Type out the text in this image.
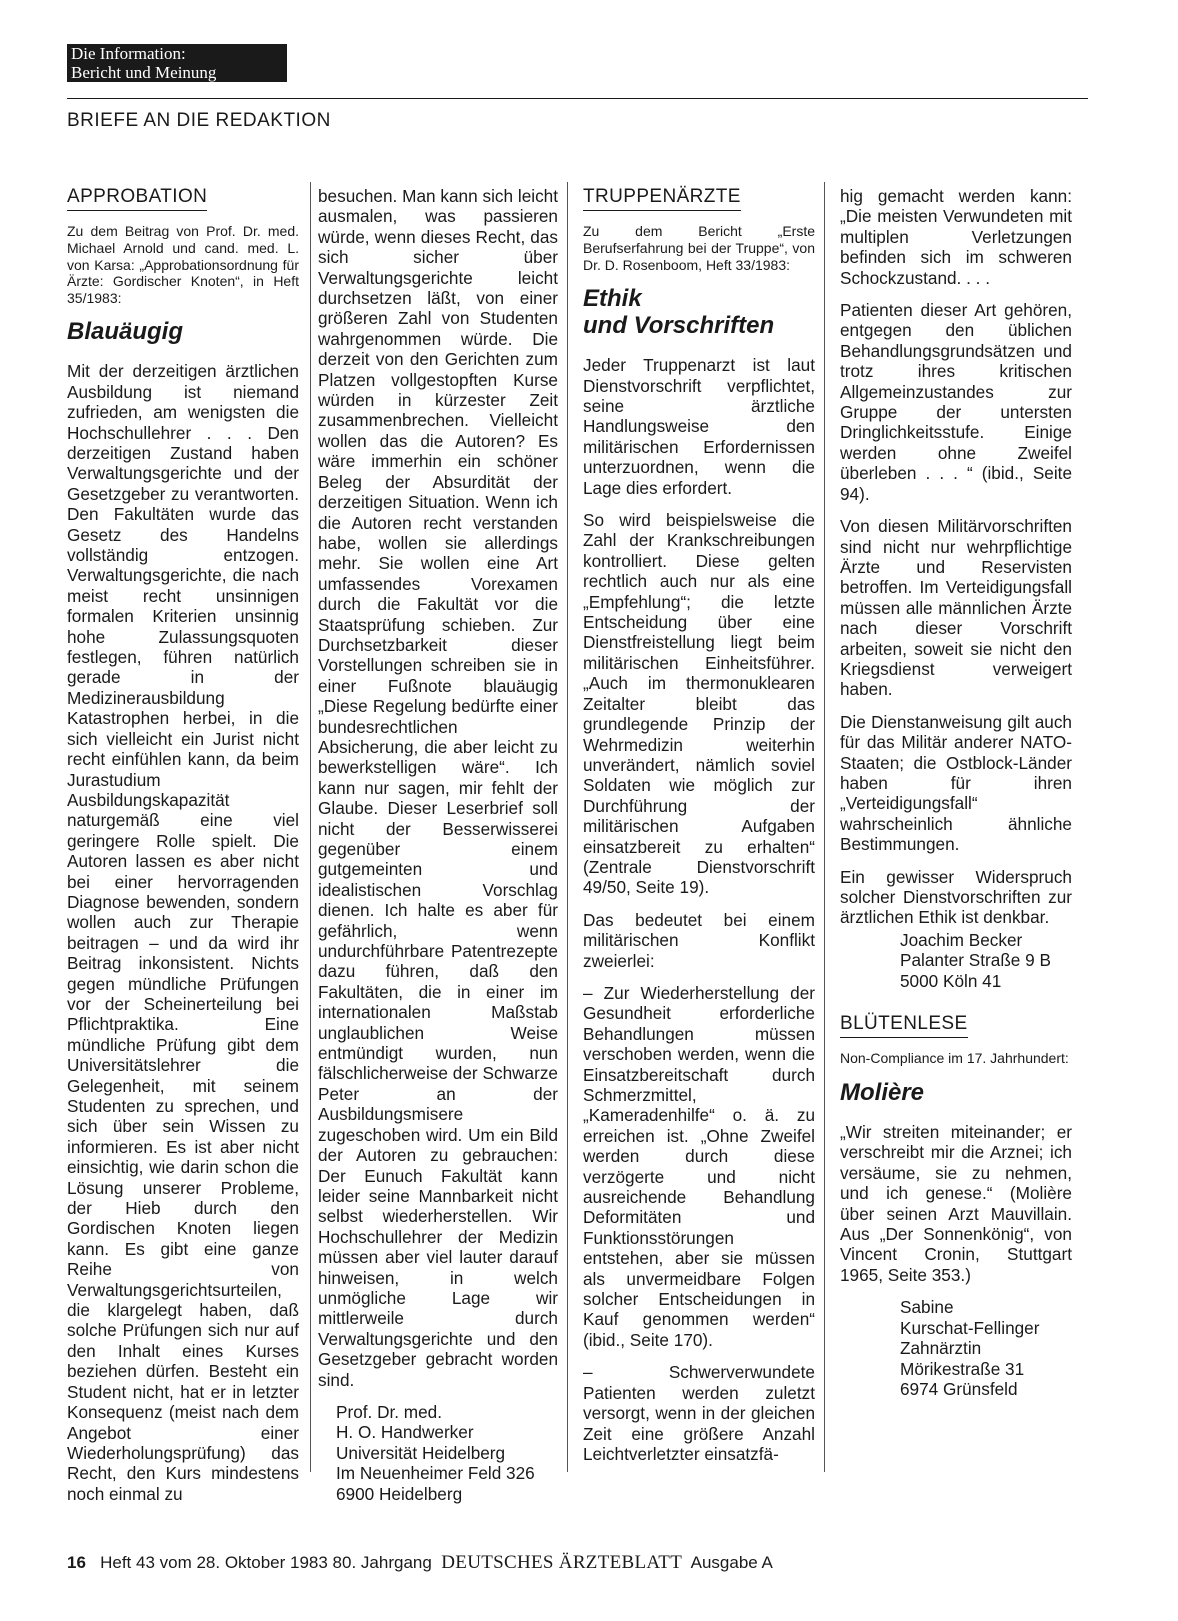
Die Information:
Bericht und Meinung
BRIEFE AN DIE REDAKTION
APPROBATION

Zu dem Beitrag von Prof. Dr. med. Michael Arnold und cand. med. L. von Karsa: „Approbationsordnung für Ärzte: Gordischer Knoten“, in Heft 35/1983:

Blauäugig

Mit der derzeitigen ärztlichen Ausbildung ist niemand zufrieden, am wenigsten die Hochschullehrer . . . Den derzeitigen Zustand haben Verwaltungsgerichte und der Gesetzgeber zu verantworten. Den Fakultäten wurde das Gesetz des Handelns vollständig entzogen. Verwaltungsgerichte, die nach meist recht unsinnigen formalen Kriterien unsinnig hohe Zulassungsquoten festlegen, führen natürlich gerade in der Medizinerausbildung Katastrophen herbei, in die sich vielleicht ein Jurist nicht recht einfühlen kann, da beim Jurastudium Ausbildungskapazität naturgemäß eine viel geringere Rolle spielt. Die Autoren lassen es aber nicht bei einer hervorragenden Diagnose bewenden, sondern wollen auch zur Therapie beitragen – und da wird ihr Beitrag inkonsistent. Nichts gegen mündliche Prüfungen vor der Scheinerteilung bei Pflichtpraktika. Eine mündliche Prüfung gibt dem Universitätslehrer die Gelegenheit, mit seinem Studenten zu sprechen, und sich über sein Wissen zu informieren. Es ist aber nicht einsichtig, wie darin schon die Lösung unserer Probleme, der Hieb durch den Gordischen Knoten liegen kann. Es gibt eine ganze Reihe von Verwaltungsgerichtsurteilen, die klargelegt haben, daß solche Prüfungen sich nur auf den Inhalt eines Kurses beziehen dürfen. Besteht ein Student nicht, hat er in letzter Konsequenz (meist nach dem Angebot einer Wiederholungsprüfung) das Recht, den Kurs mindestens noch einmal zu

besuchen. Man kann sich leicht ausmalen, was passieren würde, wenn dieses Recht, das sich sicher über Verwaltungsgerichte leicht durchsetzen läßt, von einer größeren Zahl von Studenten wahrgenommen würde. Die derzeit von den Gerichten zum Platzen vollgestopften Kurse würden in kürzester Zeit zusammenbrechen. Vielleicht wollen das die Autoren? Es wäre immerhin ein schöner Beleg der Absurdität der derzeitigen Situation. Wenn ich die Autoren recht verstanden habe, wollen sie allerdings mehr. Sie wollen eine Art umfassendes Vorexamen durch die Fakultät vor die Staatsprüfung schieben. Zur Durchsetzbarkeit dieser Vorstellungen schreiben sie in einer Fußnote blauäugig „Diese Regelung bedürfte einer bundesrechtlichen Absicherung, die aber leicht zu bewerkstelligen wäre“. Ich kann nur sagen, mir fehlt der Glaube. Dieser Leserbrief soll nicht der Besserwisserei gegenüber einem gutgemeinten und idealistischen Vorschlag dienen. Ich halte es aber für gefährlich, wenn undurchführbare Patentrezepte dazu führen, daß den Fakultäten, die in einer im internationalen Maßstab unglaublichen Weise entmündigt wurden, nun fälschlicherweise der Schwarze Peter an der Ausbildungsmisere zugeschoben wird. Um ein Bild der Autoren zu gebrauchen: Der Eunuch Fakultät kann leider seine Mannbarkeit nicht selbst wiederherstellen. Wir Hochschullehrer der Medizin müssen aber viel lauter darauf hinweisen, in welch unmögliche Lage wir mittlerweile durch Verwaltungsgerichte und den Gesetzgeber gebracht worden sind.

Prof. Dr. med.
H. O. Handwerker
Universität Heidelberg
Im Neuenheimer Feld 326
6900 Heidelberg
TRUPPENÄRZTE

Zu dem Bericht „Erste Berufserfahrung bei der Truppe“, von Dr. D. Rosenboom, Heft 33/1983:

Ethik
und Vorschriften

Jeder Truppenarzt ist laut Dienstvorschrift verpflichtet, seine ärztliche Handlungsweise den militärischen Erfordernissen unterzuordnen, wenn die Lage dies erfordert.

So wird beispielsweise die Zahl der Krankschreibungen kontrolliert. Diese gelten rechtlich auch nur als eine „Empfehlung“; die letzte Entscheidung über eine Dienstfreistellung liegt beim militärischen Einheitsführer. „Auch im thermonuklearen Zeitalter bleibt das grundlegende Prinzip der Wehrmedizin weiterhin unverändert, nämlich soviel Soldaten wie möglich zur Durchführung der militärischen Aufgaben einsatzbereit zu erhalten“ (Zentrale Dienstvorschrift 49/50, Seite 19).

Das bedeutet bei einem militärischen Konflikt zweierlei:

– Zur Wiederherstellung der Gesundheit erforderliche Behandlungen müssen verschoben werden, wenn die Einsatzbereitschaft durch Schmerzmittel, „Kameradenhilfe“ o. ä. zu erreichen ist. „Ohne Zweifel werden durch diese verzögerte und nicht ausreichende Behandlung Deformitäten und Funktionsstörungen entstehen, aber sie müssen als unvermeidbare Folgen solcher Entscheidungen in Kauf genommen werden“ (ibid., Seite 170).

– Schwerverwundete Patienten werden zuletzt versorgt, wenn in der gleichen Zeit eine größere Anzahl Leichtverletzter einsatzfä-

hig gemacht werden kann: „Die meisten Verwundeten mit multiplen Verletzungen befinden sich im schweren Schockzustand. . . .

Patienten dieser Art gehören, entgegen den üblichen Behandlungsgrundsätzen und trotz ihres kritischen Allgemeinzustandes zur Gruppe der untersten Dringlichkeitsstufe. Einige werden ohne Zweifel überleben . . . “ (ibid., Seite 94).

Von diesen Militärvorschriften sind nicht nur wehrpflichtige Ärzte und Reservisten betroffen. Im Verteidigungsfall müssen alle männlichen Ärzte nach dieser Vorschrift arbeiten, soweit sie nicht den Kriegsdienst verweigert haben.

Die Dienstanweisung gilt auch für das Militär anderer NATO-Staaten; die Ostblock-Länder haben für ihren „Verteidigungsfall“ wahrscheinlich ähnliche Bestimmungen.

Ein gewisser Widerspruch solcher Dienstvorschriften zur ärztlichen Ethik ist denkbar.

Joachim Becker
Palanter Straße 9 B
5000 Köln 41
BLÜTENLESE

Non-Compliance im 17. Jahrhundert:

Molière

„Wir streiten miteinander; er verschreibt mir die Arznei; ich versäume, sie zu nehmen, und ich genese.“ (Molière über seinen Arzt Mauvillain. Aus „Der Sonnenkönig“, von Vincent Cronin, Stuttgart 1965, Seite 353.)

Sabine
Kurschat-Fellinger
Zahnärztin
Mörikestraße 31
6974 Grünsfeld
16 Heft 43 vom 28. Oktober 1983 80. Jahrgang DEUTSCHES ÄRZTEBLATT Ausgabe A
